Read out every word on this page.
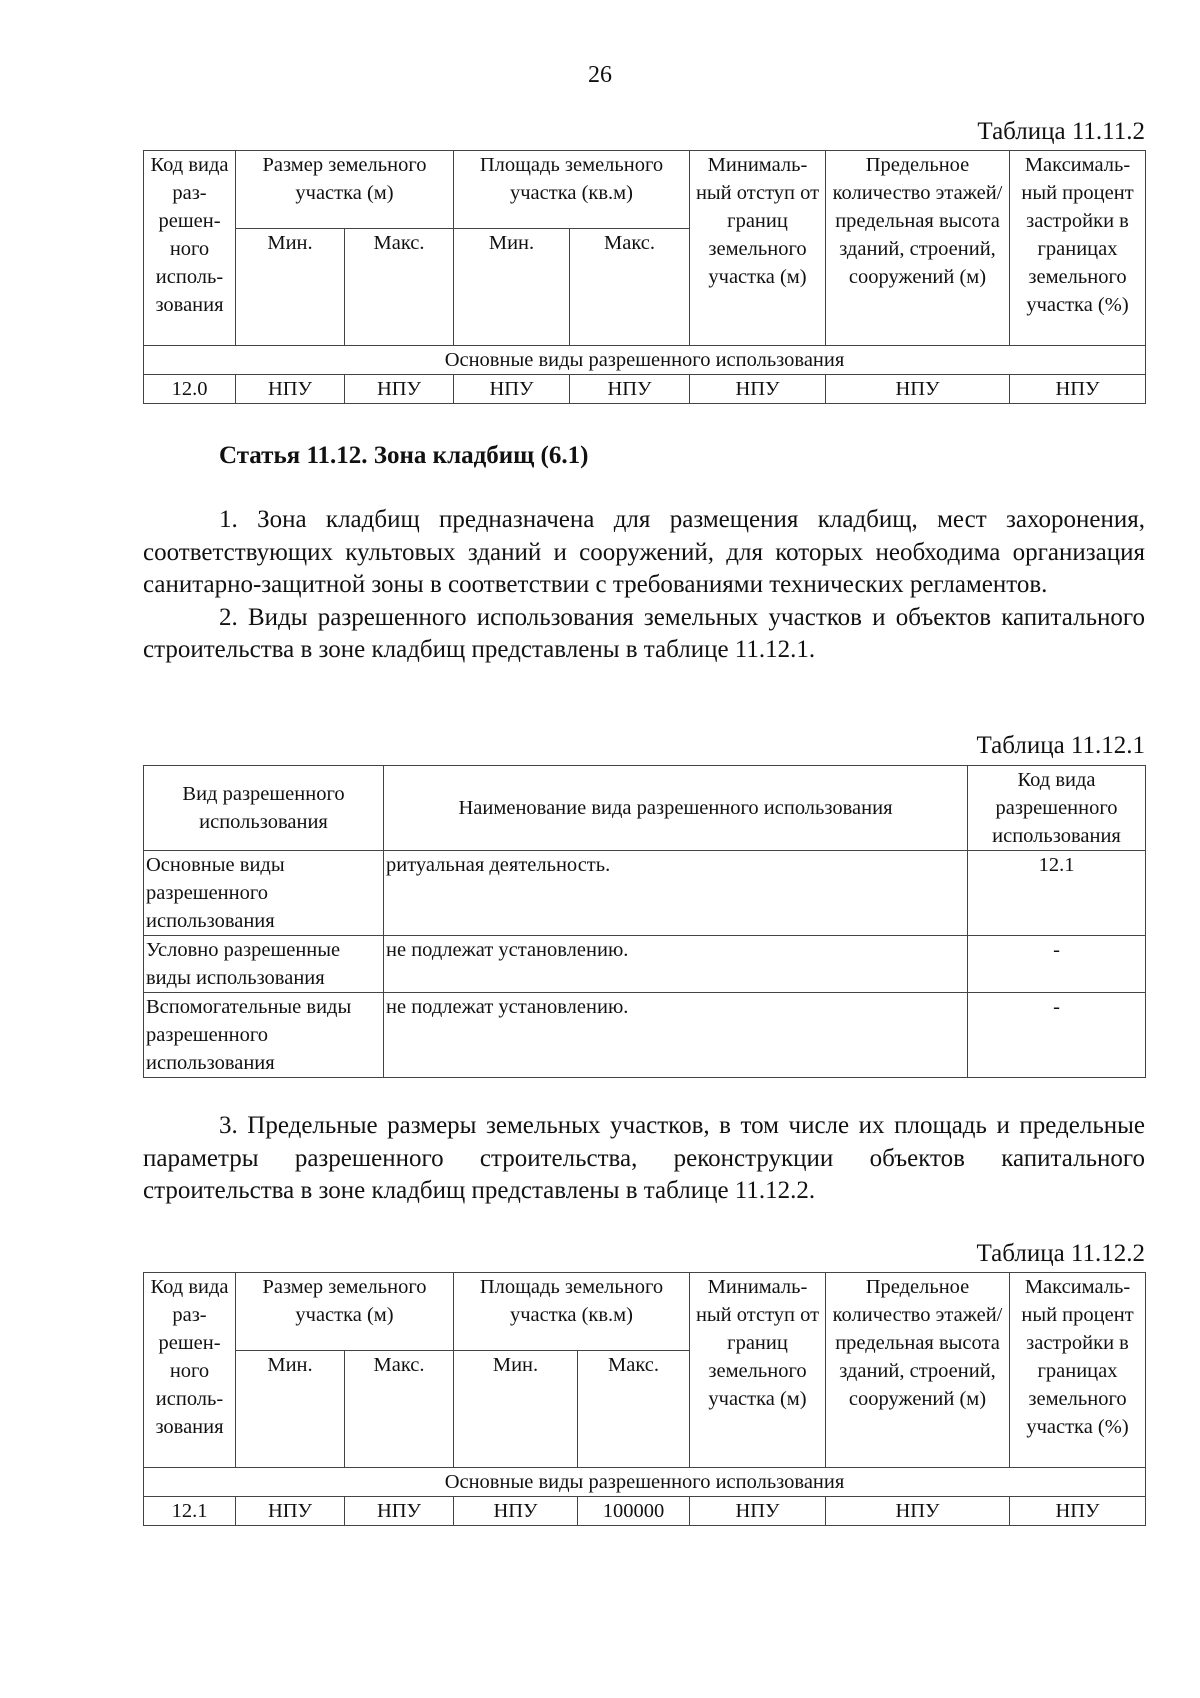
26
Таблица 11.11.2
Код вида раз-решен-ного исполь-зования	Размер земельного участка (м)		Площадь земельного участка (кв.м)		Минималь-ный отступ от границ земельного участка (м)	Предельное количество этажей/ предельная высота зданий, строений, сооружений (м)	Максималь-ный процент застройки в границах земельного участка (%)
	Мин.	Макс.	Мин.	Макс.			
Основные виды разрешенного использования							
12.0	НПУ	НПУ	НПУ	НПУ	НПУ	НПУ	НПУ
Статья 11.12. Зона кладбищ (6.1)

1. Зона кладбищ предназначена для размещения кладбищ, мест захоронения, соответствующих культовых зданий и сооружений, для которых необходима организация санитарно-защитной зоны в соответствии с требованиями технических регламентов.

2. Виды разрешенного использования земельных участков и объектов капитального строительства в зоне кладбищ представлены в таблице 11.12.1.

Таблица 11.12.1
Вид разрешенного использования	Наименование вида разрешенного использования	Код вида разрешенного использования
Основные виды разрешенного использования	ритуальная деятельность.	12.1
Условно разрешенные виды использования	не подлежат установлению.	-
Вспомогательные виды разрешенного использования	не подлежат установлению.	-

3. Предельные размеры земельных участков, в том числе их площадь и предельные параметры разрешенного строительства, реконструкции объектов капитального строительства в зоне кладбищ представлены в таблице 11.12.2.

Таблица 11.12.2
Код вида раз-решен-ного исполь-зования	Размер земельного участка (м)		Площадь земельного участка (кв.м)		Минималь-ный отступ от границ земельного участка (м)	Предельное количество этажей/ предельная высота зданий, строений, сооружений (м)	Максималь-ный процент застройки в границах земельного участка (%)
	Мин.	Макс.	Мин.	Макс.			
Основные виды разрешенного использования							
12.1	НПУ	НПУ	НПУ	100000	НПУ	НПУ	НПУ
